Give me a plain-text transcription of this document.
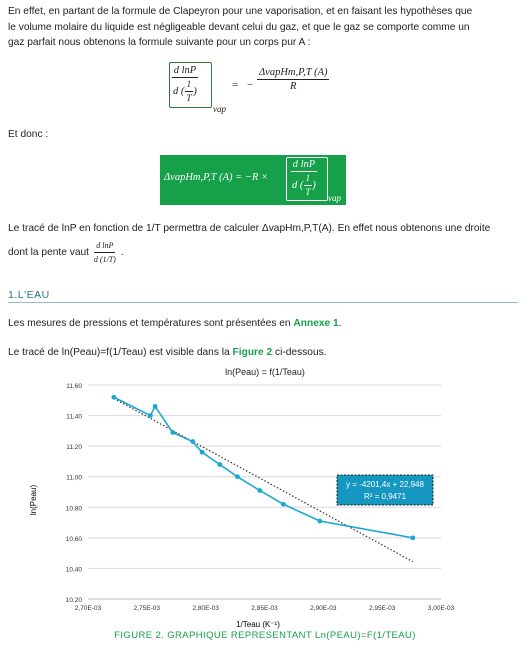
En effet, en partant de la formule de Clapeyron pour une vaporisation, et en faisant les hypothèses que
le volume molaire du liquide est négligeable devant celui du gaz, et que le gaz se comporte comme un
gaz parfait nous obtenons la formule suivante pour un corps pur A :
$\frac{\text{d lnP}}{d ( \frac{1}{T} )}$
vap
= −
ΔvapHm,P,T (A)
R
Et donc :
ΔvapHm,P,T $(A) = -R \times \frac{\text{d lnP}}{d ( \frac{1}{T} )}$ vap
Le tracé de lnP en fonction de 1/T permettra de calculer ΔvapHm,P,T(A). En effet nous obtenons une droite
dont la pente vaut $\frac{\text{d lnP}}{d (1/T)}$ .
1.L'EAU
Les mesures de pressions et températures sont présentées en Annexe 1.
Le tracé de ln(Peau)=f(1/Teau) est visible dans la Figure 2 ci-dessous.
ln(Peau) = f(1/Teau)
10,20
10,40
10,60
10,80
11,00
11,20
11,40
11,60
2,70E-03	2,75E-03	2,80E-03	2,85E-03	2,90E-03	2,95E-03	3,00E-03
y = -4201,4x + 22,948
R² = 0,9471
ln(Peau)
1/Teau (K⁻¹)
FIGURE 2. GRAPHIQUE REPRESENTANT Ln(PEAU)=F(1/TEAU)
